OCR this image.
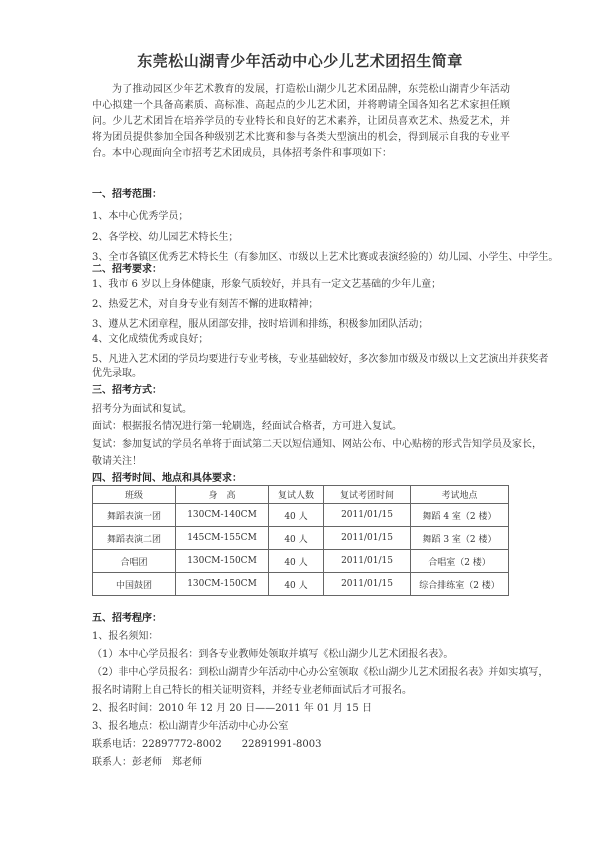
东莞松山湖青少年活动中心少儿艺术团招生简章
为了推动园区少年艺术教育的发展，打造松山湖少儿艺术团品牌，东莞松山湖青少年活动中心拟建一个具备高素质、高标准、高起点的少儿艺术团，并将聘请全国各知名艺术家担任顾问。少儿艺术团旨在培养学员的专业特长和良好的艺术素养，让团员喜欢艺术、热爱艺术，并将为团员提供参加全国各种级别艺术比赛和参与各类大型演出的机会，得到展示自我的专业平台。本中心现面向全市招考艺术团成员，具体招考条件和事项如下：
一、招考范围：
1、本中心优秀学员；
2、各学校、幼儿园艺术特长生；
3、全市各镇区优秀艺术特长生（有参加区、市级以上艺术比赛或表演经验的）幼儿园、小学生、中学生。
二、招考要求：
1、我市 6 岁以上身体健康，形象气质较好，并具有一定文艺基础的少年儿童；
2、热爱艺术，对自身专业有刻苦不懈的进取精神；
3、遵从艺术团章程，服从团部安排，按时培训和排练，积极参加团队活动；
4、文化成绩优秀或良好；
5、凡进入艺术团的学员均要进行专业考核，专业基础较好，多次参加市级及市级以上文艺演出并获奖者
优先录取。
三、招考方式：
招考分为面试和复试。
面试：根据报名情况进行第一轮刷选，经面试合格者，方可进入复试。
复试：参加复试的学员名单将于面试第二天以短信通知、网站公布、中心贴榜的形式告知学员及家长，
敬请关注！
四、招考时间、地点和具体要求：
班级	身　高	复试人数	复试考团时间	考试地点
舞蹈表演一团	130CM-140CM	40 人	2011/01/15	舞蹈 4 室（2 楼）
舞蹈表演二团	145CM-155CM	40 人	2011/01/15	舞蹈 3 室（2 楼）
合唱团	130CM-150CM	40 人	2011/01/15	合唱室（2 楼）
中国鼓团	130CM-150CM	40 人	2011/01/15	综合排练室（2 楼）
五、招考程序：
1、报名须知：
（1）本中心学员报名：到各专业教师处领取并填写《松山湖少儿艺术团报名表》。
（2）非中心学员报名：到松山湖青少年活动中心办公室领取《松山湖少儿艺术团报名表》并如实填写，
报名时请附上自己特长的相关证明资料，并经专业老师面试后才可报名。
2、报名时间：2010 年 12 月 20 日——2011 年 01 月 15 日
3、报名地点：松山湖青少年活动中心办公室
联系电话：22897772-8002　　22891991-8003
联系人：彭老师　郑老师
